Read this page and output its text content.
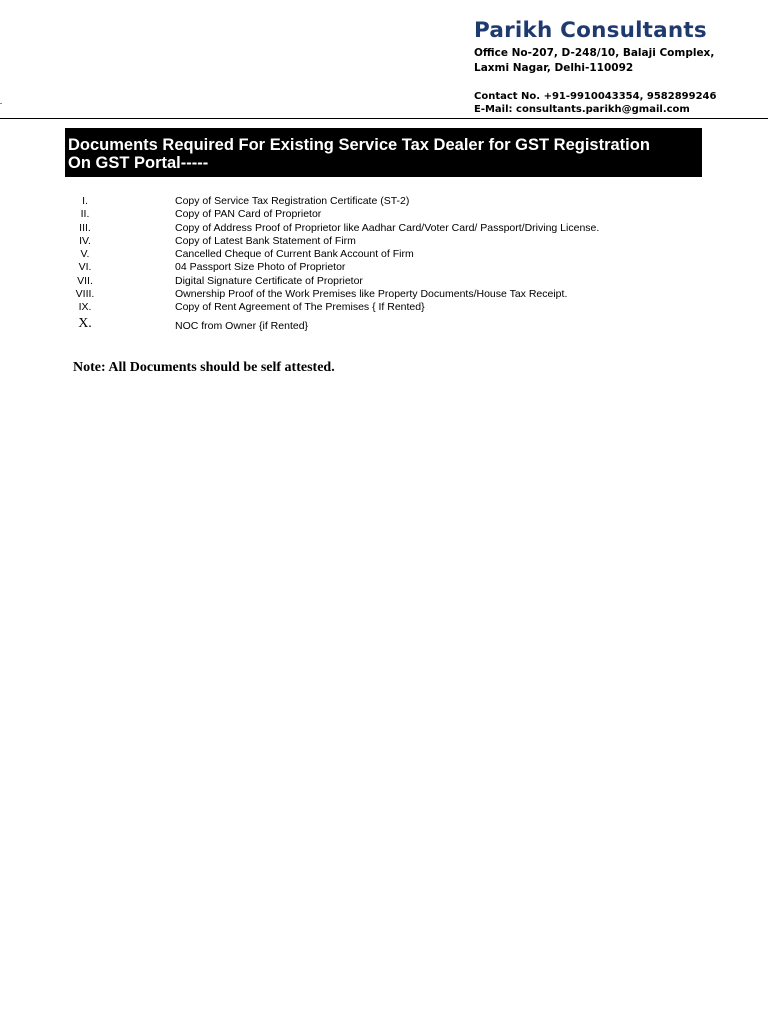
Parikh Consultants
Office No-207, D-248/10, Balaji Complex,
Laxmi Nagar, Delhi-110092
Contact No. +91-9910043354, 9582899246
E-Mail: consultants.parikh@gmail.com
Documents Required For Existing Service Tax Dealer for GST Registration
On GST Portal-----
I.	Copy of Service Tax Registration Certificate (ST-2)
II.	Copy of PAN Card of Proprietor
III.	Copy of Address Proof of Proprietor like Aadhar Card/Voter Card/ Passport/Driving License.
IV.	Copy of Latest Bank Statement of Firm
V.	Cancelled Cheque of Current Bank Account of Firm
VI.	04 Passport Size Photo of Proprietor
VII.	Digital Signature Certificate of Proprietor
VIII.	Ownership Proof of the Work Premises like Property Documents/House Tax Receipt.
IX.	Copy of Rent Agreement of The Premises { If Rented}
X.	NOC from Owner {if Rented}
Note: All Documents should be self attested.
